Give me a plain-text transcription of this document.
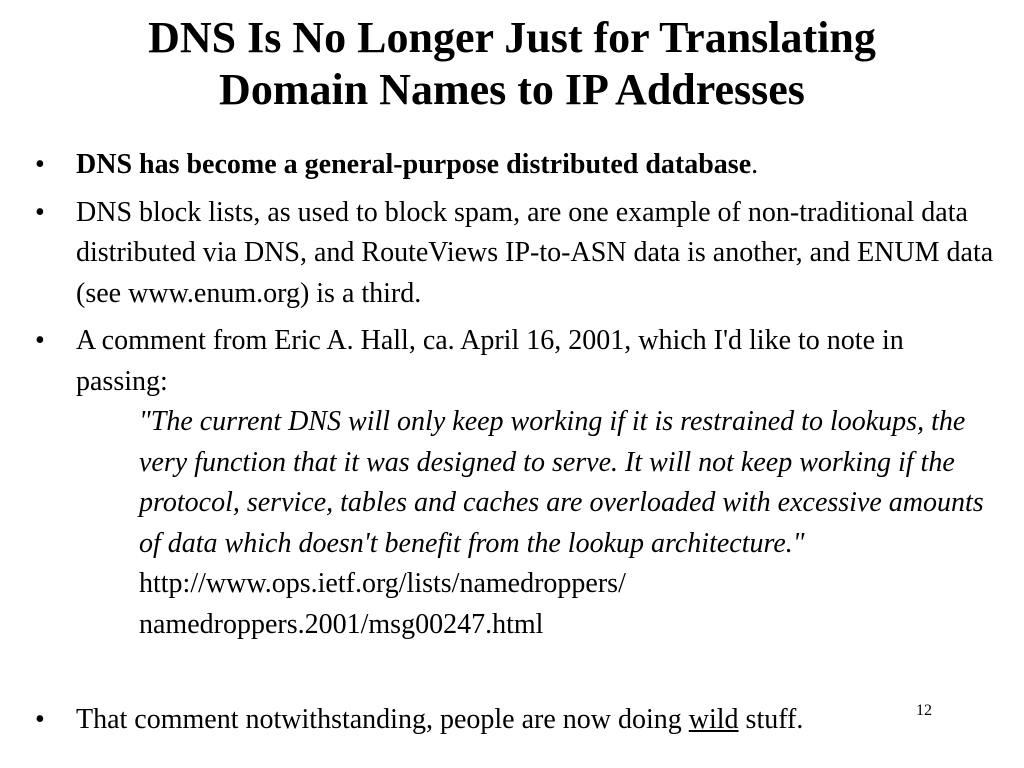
DNS Is No Longer Just for Translating
Domain Names to IP Addresses
•	DNS has become a general-purpose distributed database.
•	DNS block lists, as used to block spam, are one example of non-traditional data distributed via DNS, and RouteViews IP-to-ASN data is another, and ENUM data (see www.enum.org) is a third.
•	A comment from Eric A. Hall, ca. April 16, 2001, which I'd like to note in passing:
"The current DNS will only keep working if it is restrained to lookups, the very function that it was designed to serve. It will not keep working if the protocol, service, tables and caches are overloaded with excessive amounts of data which doesn't benefit from the lookup architecture."
http://www.ops.ietf.org/lists/namedroppers/
namedroppers.2001/msg00247.html
•	That comment notwithstanding, people are now doing wild stuff.	12
